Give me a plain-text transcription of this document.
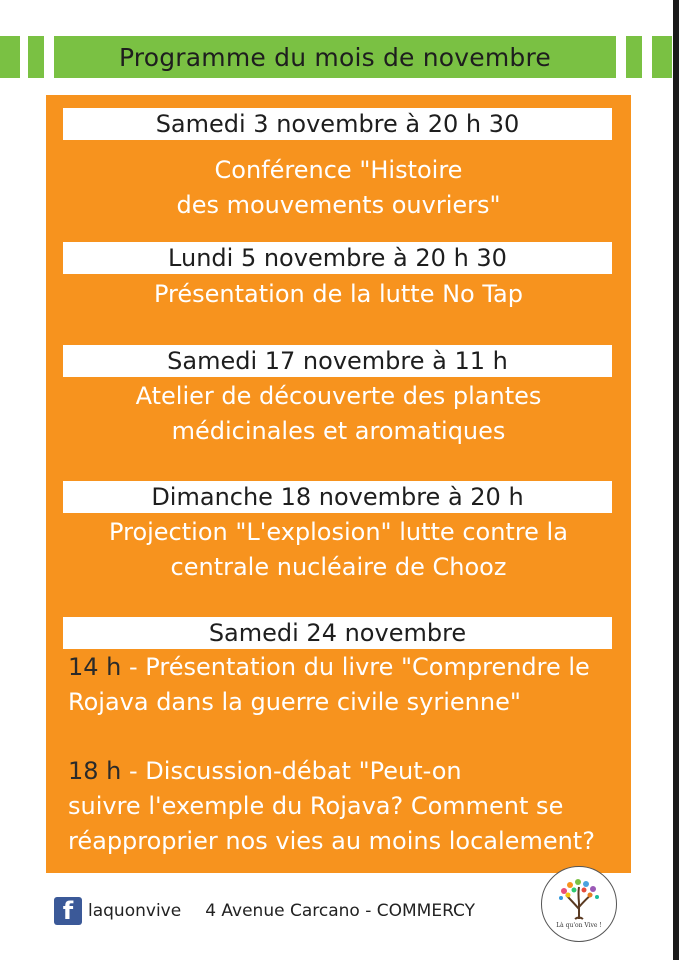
Programme du mois de novembre
Samedi 3 novembre à 20 h 30
Conférence "Histoire
des mouvements ouvriers"
Lundi 5 novembre à 20 h 30
Présentation de la lutte No Tap
Samedi 17 novembre à 11 h
Atelier de découverte des plantes
médicinales et aromatiques
Dimanche 18 novembre à 20 h
Projection "L'explosion" lutte contre la
centrale nucléaire de Chooz
Samedi 24 novembre
14 h - Présentation du livre "Comprendre le
Rojava dans la guerre civile syrienne"
18 h - Discussion-débat "Peut-on
suivre l'exemple du Rojava? Comment se
réapproprier nos vies au moins localement?
f laquonvive 4 Avenue Carcano - COMMERCY
Là qu'on Vive !
